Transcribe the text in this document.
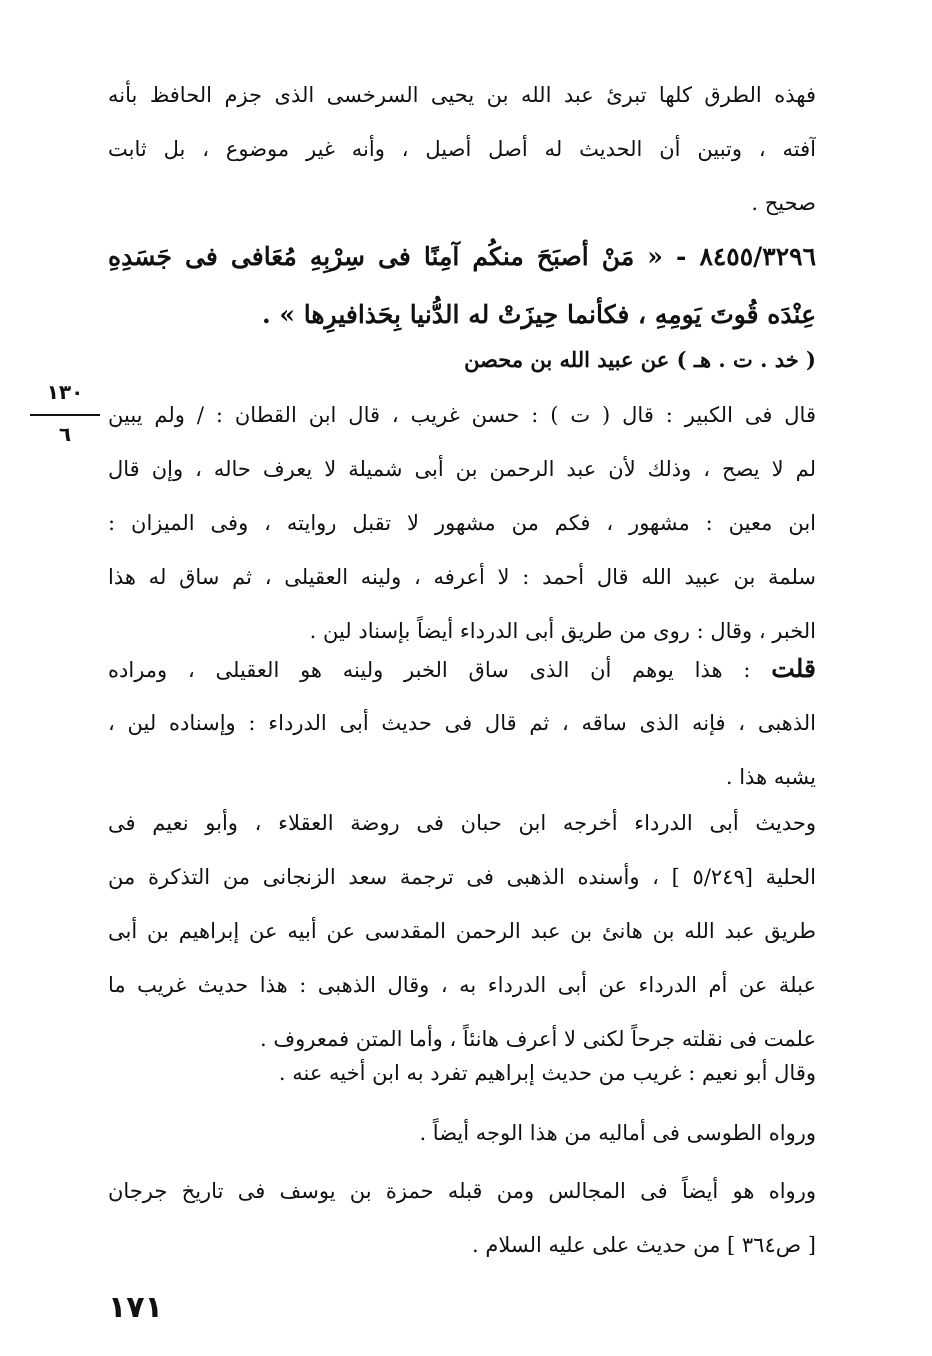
فهذه الطرق كلها تبرئ عبد الله بن يحيى السرخسى الذى جزم الحافظ بأنه
آفته ، وتبين أن الحديث له أصل أصيل ، وأنه غير موضوع ، بل ثابت
صحيح .
٨٤٥٥/٣٢٩٦ - « مَنْ أصبَحَ منكُم آمِنًا فى سِرْبِهِ مُعَافى فى جَسَدِهِ
عِنْدَه قُوتَ يَومِهِ ، فكأنما حِيزَتْ له الدُّنيا بِحَذافيرِها » .
( خد . ت . هـ ) عن عبيد الله بن محصن
١٣٠
٦
قال فى الكبير : قال ( ت ) : حسن غريب ، قال ابن القطان : / ولم يبين
لم لا يصح ، وذلك لأن عبد الرحمن بن أبى شميلة لا يعرف حاله ، وإن قال
ابن معين : مشهور ، فكم من مشهور لا تقبل روايته ، وفى الميزان :
سلمة بن عبيد الله قال أحمد : لا أعرفه ، ولينه العقيلى ، ثم ساق له هذا
الخبر ، وقال : روى من طريق أبى الدرداء أيضاً بإسناد لين .
قلت : هذا يوهم أن الذى ساق الخبر ولينه هو العقيلى ، ومراده
الذهبى ، فإنه الذى ساقه ، ثم قال فى حديث أبى الدرداء : وإسناده لين ،
يشبه هذا .
وحديث أبى الدرداء أخرجه ابن حبان فى روضة العقلاء ، وأبو نعيم فى
الحلية [٥/٢٤٩ ] ، وأسنده الذهبى فى ترجمة سعد الزنجانى من التذكرة من
طريق عبد الله بن هانئ بن عبد الرحمن المقدسى عن أبيه عن إبراهيم بن أبى
عبلة عن أم الدرداء عن أبى الدرداء به ، وقال الذهبى : هذا حديث غريب ما
علمت فى نقلته جرحاً لكنى لا أعرف هانئاً ، وأما المتن فمعروف .
وقال أبو نعيم : غريب من حديث إبراهيم تفرد به ابن أخيه عنه .
ورواه الطوسى فى أماليه من هذا الوجه أيضاً .
ورواه هو أيضاً فى المجالس ومن قبله حمزة بن يوسف فى تاريخ جرجان
[ ص٣٦٤ ] من حديث على عليه السلام .
١٧١
